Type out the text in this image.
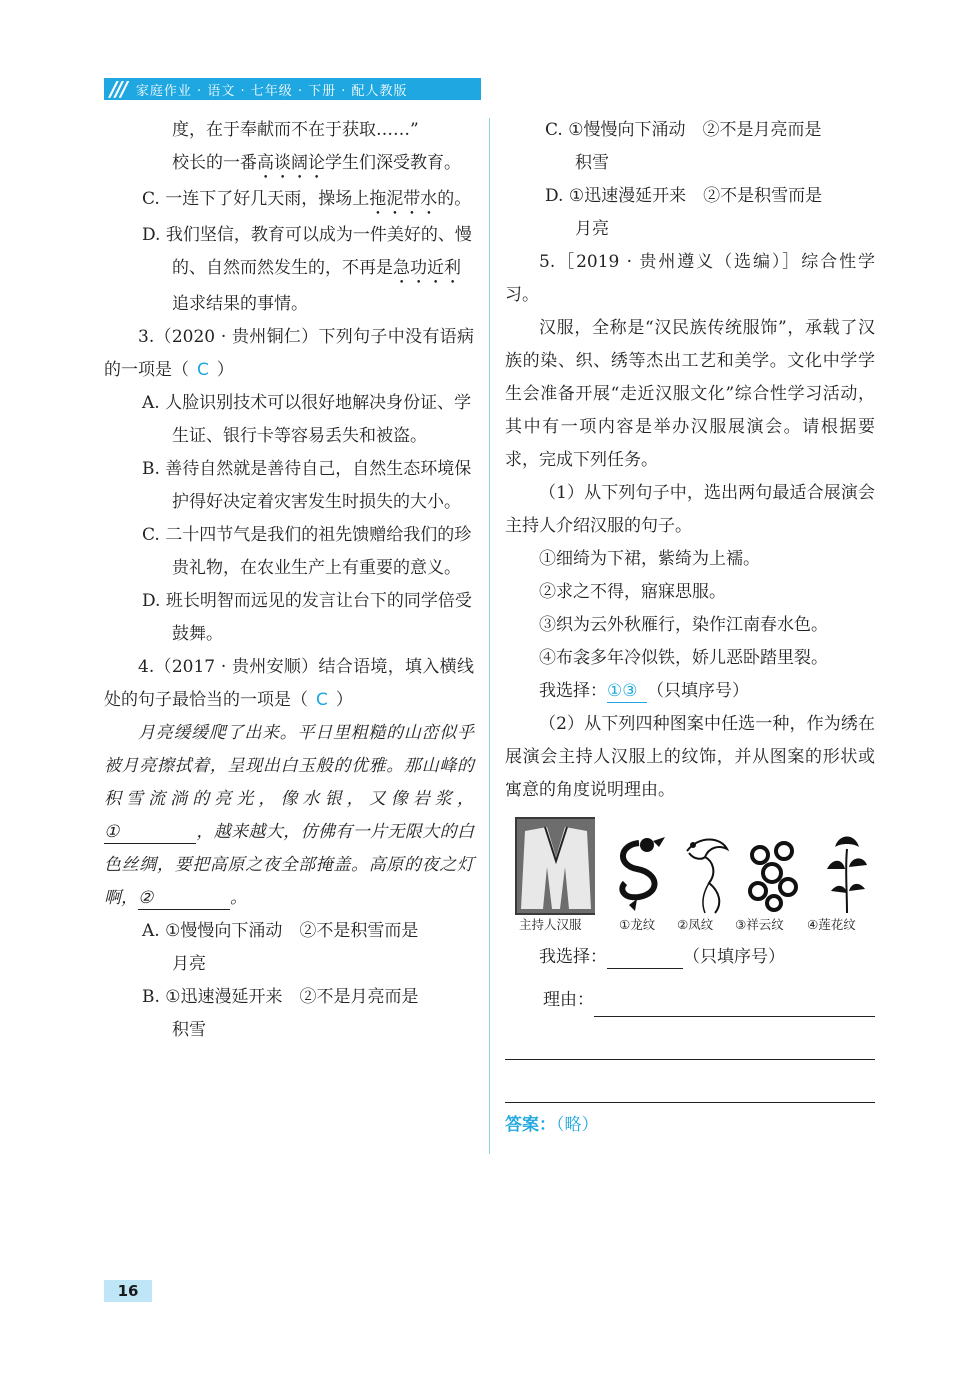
/// 家庭作业 · 语文 · 七年级 · 下册 · 配人教版

度，在于奉献而不在于获取……”
校长的一番高谈阔论学生们深受教育。

C. 一连下了好几天雨，操场上拖泥带水的。

D. 我们坚信，教育可以成为一件美好的、慢的、自然而然发生的，不再是急功近利追求结果的事情。

3.（2020 · 贵州铜仁）下列句子中没有语病的一项是（ C ）

A. 人脸识别技术可以很好地解决身份证、学生证、银行卡等容易丢失和被盗。

B. 善待自然就是善待自己，自然生态环境保护得好决定着灾害发生时损失的大小。

C. 二十四节气是我们的祖先馈赠给我们的珍贵礼物，在农业生产上有重要的意义。

D. 班长明智而远见的发言让台下的同学倍受鼓舞。

4.（2017 · 贵州安顺）结合语境，填入横线处的句子最恰当的一项是（ C ）

月亮缓缓爬了出来。平日里粗糙的山峦似乎被月亮擦拭着，呈现出白玉般的优雅。那山峰的积雪流淌的亮光，像水银，又像岩浆，①	，越来越大，仿佛有一片无限大的白色丝绸，要把高原之夜全部掩盖。高原的夜之灯啊，②	。

A. ①慢慢向下涌动　②不是积雪而是
月亮

B. ①迅速漫延开来　②不是月亮而是
积雪

C. ①慢慢向下涌动　②不是月亮而是
积雪

D. ①迅速漫延开来　②不是积雪而是
月亮

5.［2019 · 贵州遵义（选编）］综合性学习。

汉服，全称是“汉民族传统服饰”，承载了汉族的染、织、绣等杰出工艺和美学。文化中学学生会准备开展“走近汉服文化”综合性学习活动，其中有一项内容是举办汉服展演会。请根据要求，完成下列任务。

（1）从下列句子中，选出两句最适合展演会主持人介绍汉服的句子。

①细绮为下裙，紫绮为上襦。

②求之不得，寤寐思服。

③织为云外秋雁行，染作江南春水色。

④布衾多年冷似铁，娇儿恶卧踏里裂。

我选择：①③ （只填序号）

（2）从下列四种图案中任选一种，作为绣在展演会主持人汉服上的纹饰，并从图案的形状或寓意的角度说明理由。

主持人汉服	①龙纹	②凤纹	③祥云纹	④莲花纹

我选择：	（只填序号）

理由：

答案：（略）

16
